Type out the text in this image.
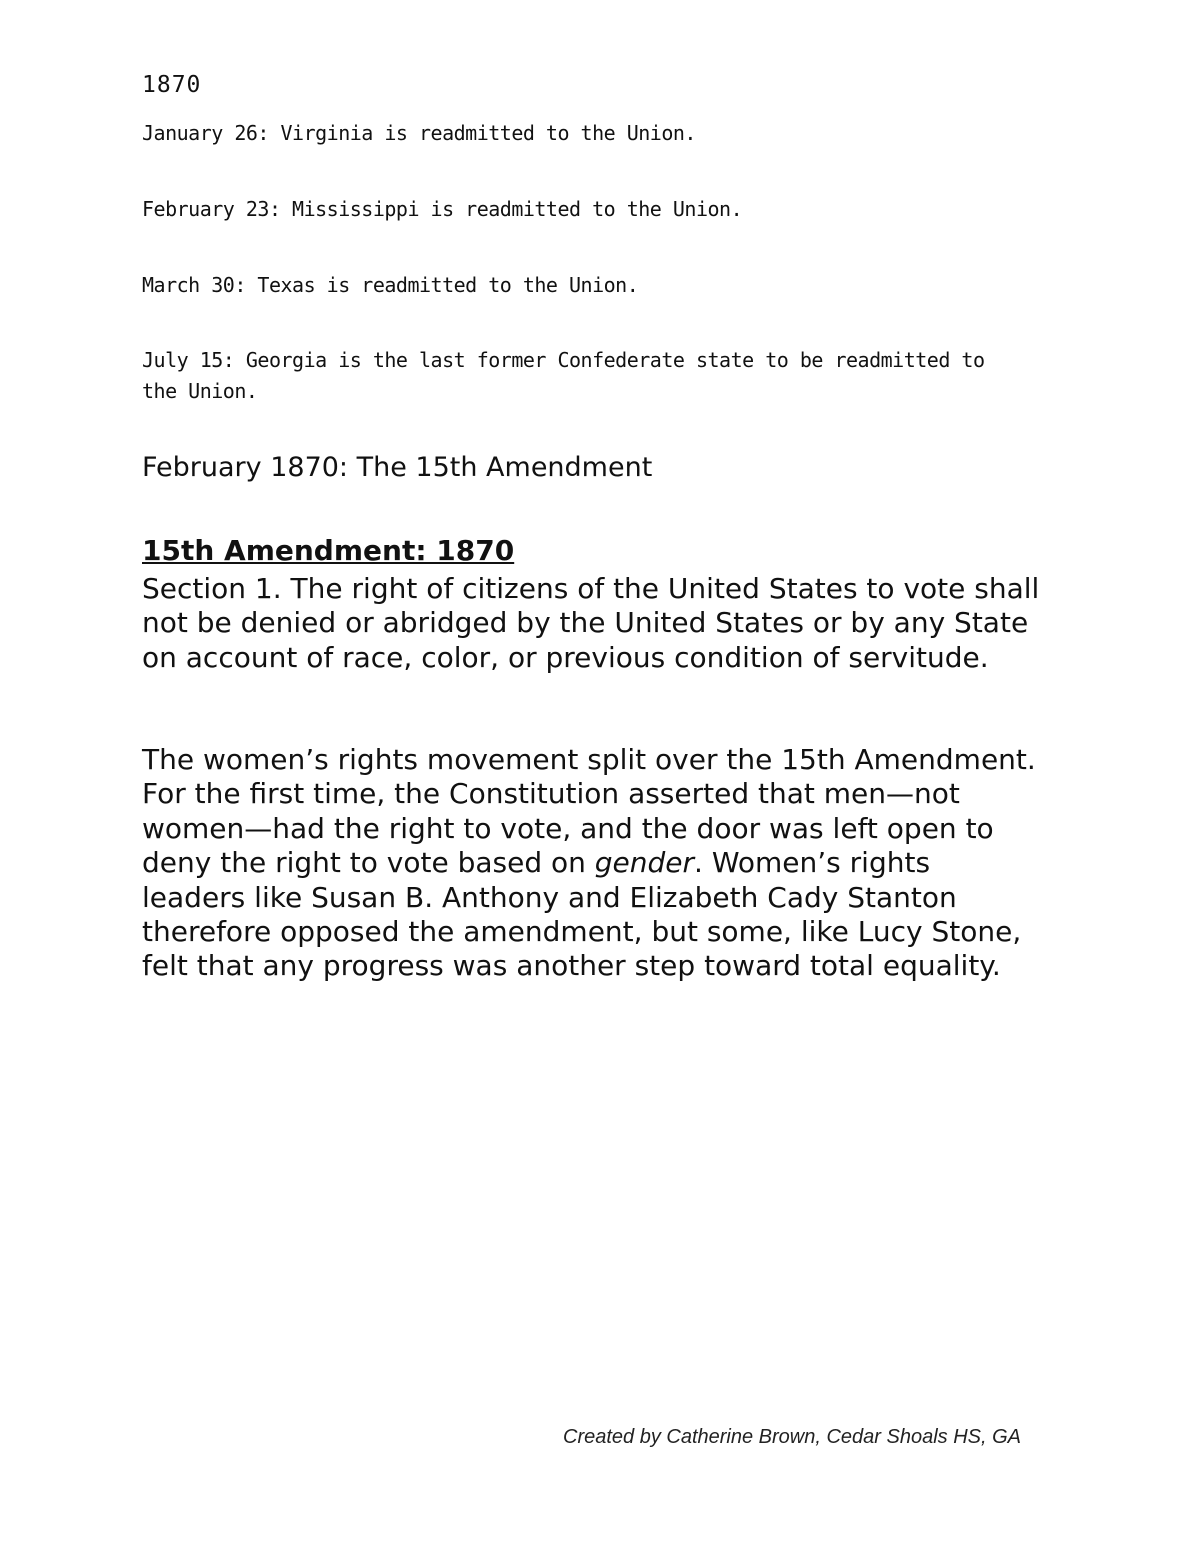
1870
January 26: Virginia is readmitted to the Union.
February 23: Mississippi is readmitted to the Union.
March 30: Texas is readmitted to the Union.
July 15: Georgia is the last former Confederate state to be readmitted to the Union.
February 1870: The 15th Amendment
15th Amendment: 1870
Section 1. The right of citizens of the United States to vote shall not be denied or abridged by the United States or by any State on account of race, color, or previous condition of servitude.
The women’s rights movement split over the 15th Amendment. For the first time, the Constitution asserted that men—not women—had the right to vote, and the door was left open to deny the right to vote based on gender. Women’s rights leaders like Susan B. Anthony and Elizabeth Cady Stanton therefore opposed the amendment, but some, like Lucy Stone, felt that any progress was another step toward total equality.
Created by Catherine Brown, Cedar Shoals HS, GA
